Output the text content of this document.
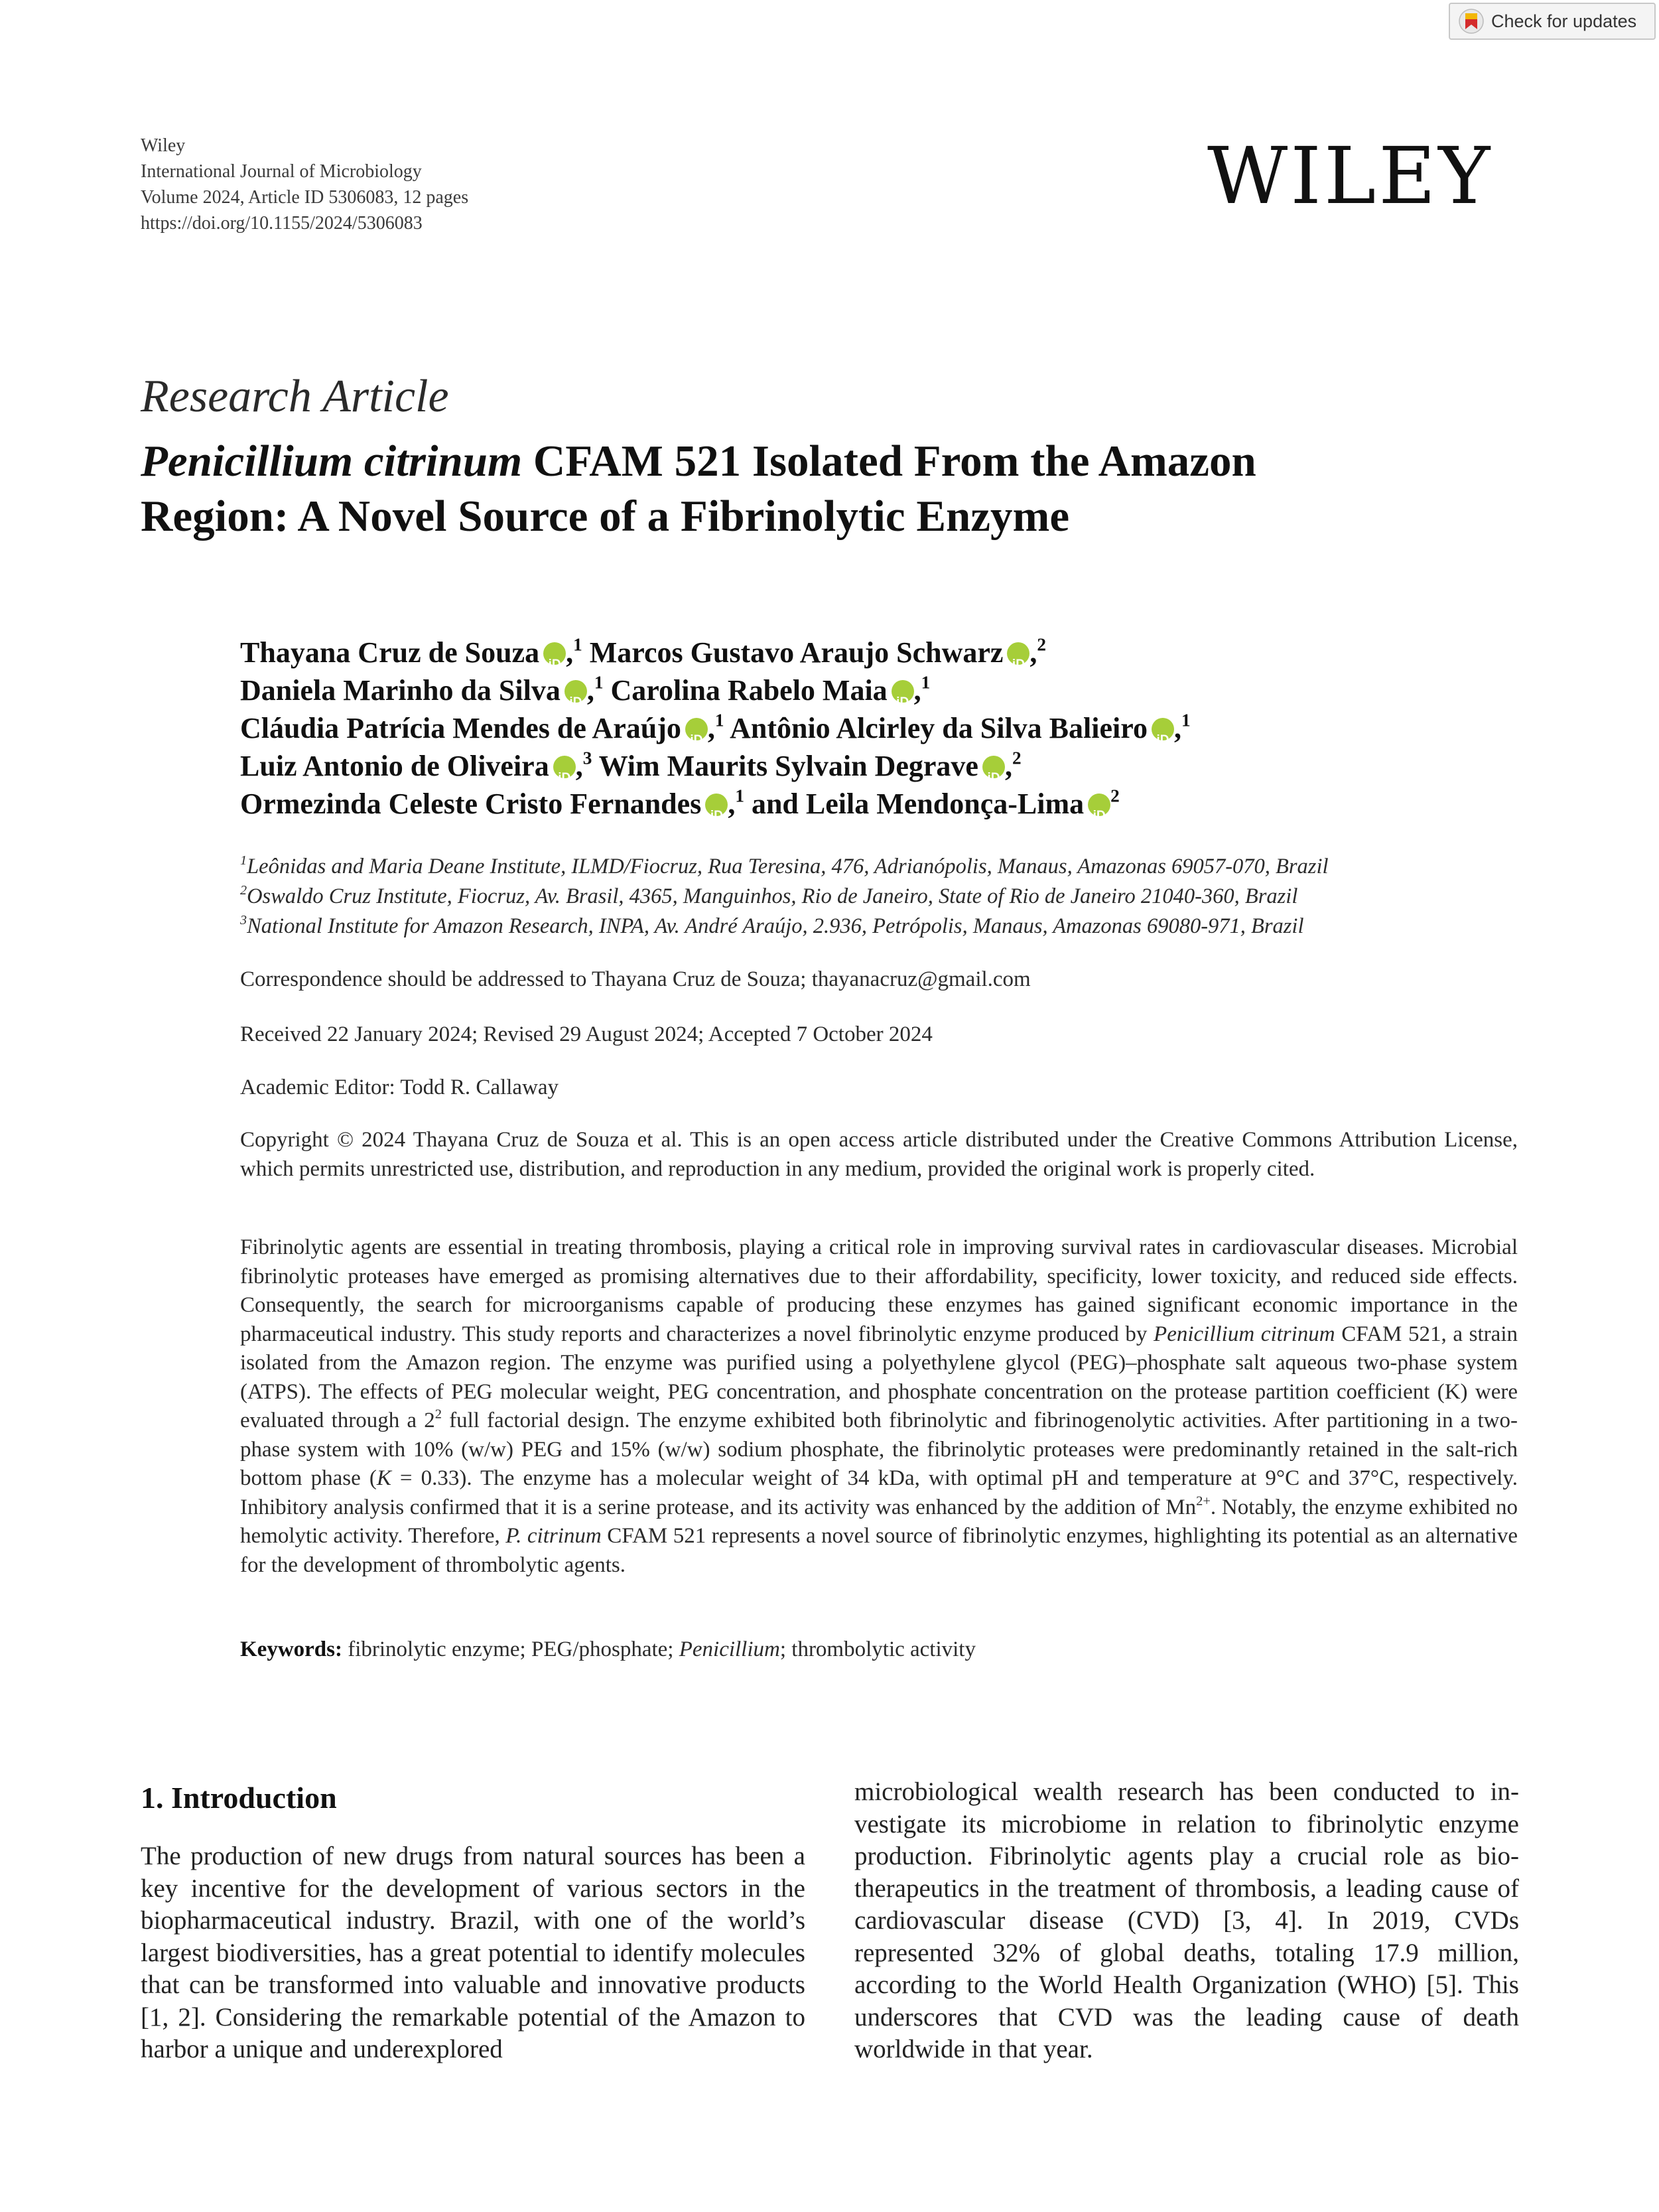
Check for updates
Wiley
International Journal of Microbiology
Volume 2024, Article ID 5306083, 12 pages
https://doi.org/10.1155/2024/5306083
WILEY
Research Article
Penicillium citrinum CFAM 521 Isolated From the Amazon
Region: A Novel Source of a Fibrinolytic Enzyme
Thayana Cruz de Souza iD ,$^1$ Marcos Gustavo Araujo Schwarz iD ,$^2$
Daniela Marinho da Silva iD ,$^1$ Carolina Rabelo Maia iD ,$^1$
Cláudia Patrícia Mendes de Araújo iD ,$^1$ Antônio Alcirley da Silva Balieiro iD ,$^1$
Luiz Antonio de Oliveira iD ,$^3$ Wim Maurits Sylvain Degrave iD ,$^2$
Ormezinda Celeste Cristo Fernandes iD ,$^1$ and Leila Mendonça-Lima iD $^2$
$^1$Leônidas and Maria Deane Institute, ILMD/Fiocruz, Rua Teresina, 476, Adrianópolis, Manaus, Amazonas 69057-070, Brazil
$^2$Oswaldo Cruz Institute, Fiocruz, Av. Brasil, 4365, Manguinhos, Rio de Janeiro, State of Rio de Janeiro 21040-360, Brazil
$^3$National Institute for Amazon Research, INPA, Av. André Araújo, 2.936, Petrópolis, Manaus, Amazonas 69080-971, Brazil
Correspondence should be addressed to Thayana Cruz de Souza; thayanacruz@gmail.com
Received 22 January 2024; Revised 29 August 2024; Accepted 7 October 2024
Academic Editor: Todd R. Callaway
Copyright © 2024 Thayana Cruz de Souza et al. This is an open access article distributed under the Creative Commons Attribution License, which permits unrestricted use, distribution, and reproduction in any medium, provided the original work is properly cited.
Fibrinolytic agents are essential in treating thrombosis, playing a critical role in improving survival rates in cardiovascular diseases. Microbial fibrinolytic proteases have emerged as promising alternatives due to their affordability, specificity, lower toxicity, and reduced side effects. Consequently, the search for microorganisms capable of producing these enzymes has gained significant economic importance in the pharmaceutical industry. This study reports and characterizes a novel fibrinolytic enzyme produced by Penicillium citrinum CFAM 521, a strain isolated from the Amazon region. The enzyme was purified using a polyethylene glycol (PEG)–phosphate salt aqueous two-phase system (ATPS). The effects of PEG molecular weight, PEG concentration, and phosphate concentration on the protease partition coefficient (K) were evaluated through a $2^2$ full factorial design. The enzyme exhibited both fibrinolytic and fibrinogenolytic activities. After partitioning in a two-phase system with 10% (w/w) PEG and 15% (w/w) sodium phosphate, the fibrinolytic proteases were predominantly retained in the salt-rich bottom phase (K = 0.33). The enzyme has a molecular weight of 34 kDa, with optimal pH and temperature at 9°C and 37°C, respectively. Inhibitory analysis confirmed that it is a serine protease, and its activity was enhanced by the addition of $Mn^{2+}$. Notably, the enzyme exhibited no hemolytic activity. Therefore, P. citrinum CFAM 521 represents a novel source of fibrinolytic enzymes, highlighting its potential as an alternative for the development of thrombolytic agents.
Keywords: fibrinolytic enzyme; PEG/phosphate; Penicillium; thrombolytic activity
1. Introduction
The production of new drugs from natural sources has been a key incentive for the development of various sectors in the biopharmaceutical industry. Brazil, with one of the world’s largest biodiversities, has a great potential to identify molecules that can be transformed into valuable and innovative products [1, 2]. Considering the remarkable potential of the Amazon to harbor a unique and underexplored
microbiological wealth research has been conducted to investigate its microbiome in relation to fibrinolytic enzyme production. Fibrinolytic agents play a crucial role as biotherapeutics in the treatment of thrombosis, a leading cause of cardiovascular disease (CVD) [3, 4]. In 2019, CVDs represented 32% of global deaths, totaling 17.9 million, according to the World Health Organization (WHO) [5]. This underscores that CVD was the leading cause of death worldwide in that year.
